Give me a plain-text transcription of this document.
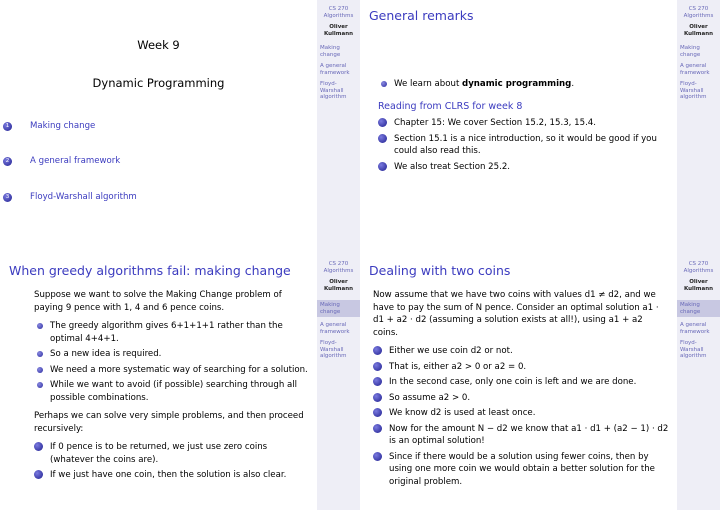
Week 9
Dynamic Programming
1	Making change
2	A general framework
3	Floyd-Warshall algorithm
CS 270
Algorithms
Oliver
Kullmann
Making change
A general framework
Floyd-Warshall algorithm
General remarks
We learn about dynamic programming.
Reading from CLRS for week 8
Chapter 15: We cover Section 15.2, 15.3, 15.4.
Section 15.1 is a nice introduction, so it would be good if you could also read this.
We also treat Section 25.2.
CS 270
Algorithms
Oliver
Kullmann
Making change
A general framework
Floyd-Warshall algorithm
When greedy algorithms fail: making change
Suppose we want to solve the Making Change problem of paying 9 pence with 1, 4 and 6 pence coins.
The greedy algorithm gives 6+1+1+1 rather than the optimal 4+4+1.
So a new idea is required.
We need a more systematic way of searching for a solution.
While we want to avoid (if possible) searching through all possible combinations.
Perhaps we can solve very simple problems, and then proceed recursively:
If 0 pence is to be returned, we just use zero coins (whatever the coins are).
If we just have one coin, then the solution is also clear.
CS 270
Algorithms
Oliver
Kullmann
Making change
A general framework
Floyd-Warshall algorithm
Dealing with two coins
Now assume that we have two coins with values d1 ≠ d2, and we have to pay the sum of N pence. Consider an optimal solution a1 · d1 + a2 · d2 (assuming a solution exists at all!), using a1 + a2 coins.
Either we use coin d2 or not.
That is, either a2 > 0 or a2 = 0.
In the second case, only one coin is left and we are done.
So assume a2 > 0.
We know d2 is used at least once.
Now for the amount N − d2 we know that a1 · d1 + (a2 − 1) · d2 is an optimal solution!
Since if there would be a solution using fewer coins, then by using one more coin we would obtain a better solution for the original problem.
CS 270
Algorithms
Oliver
Kullmann
Making change
A general framework
Floyd-Warshall algorithm
